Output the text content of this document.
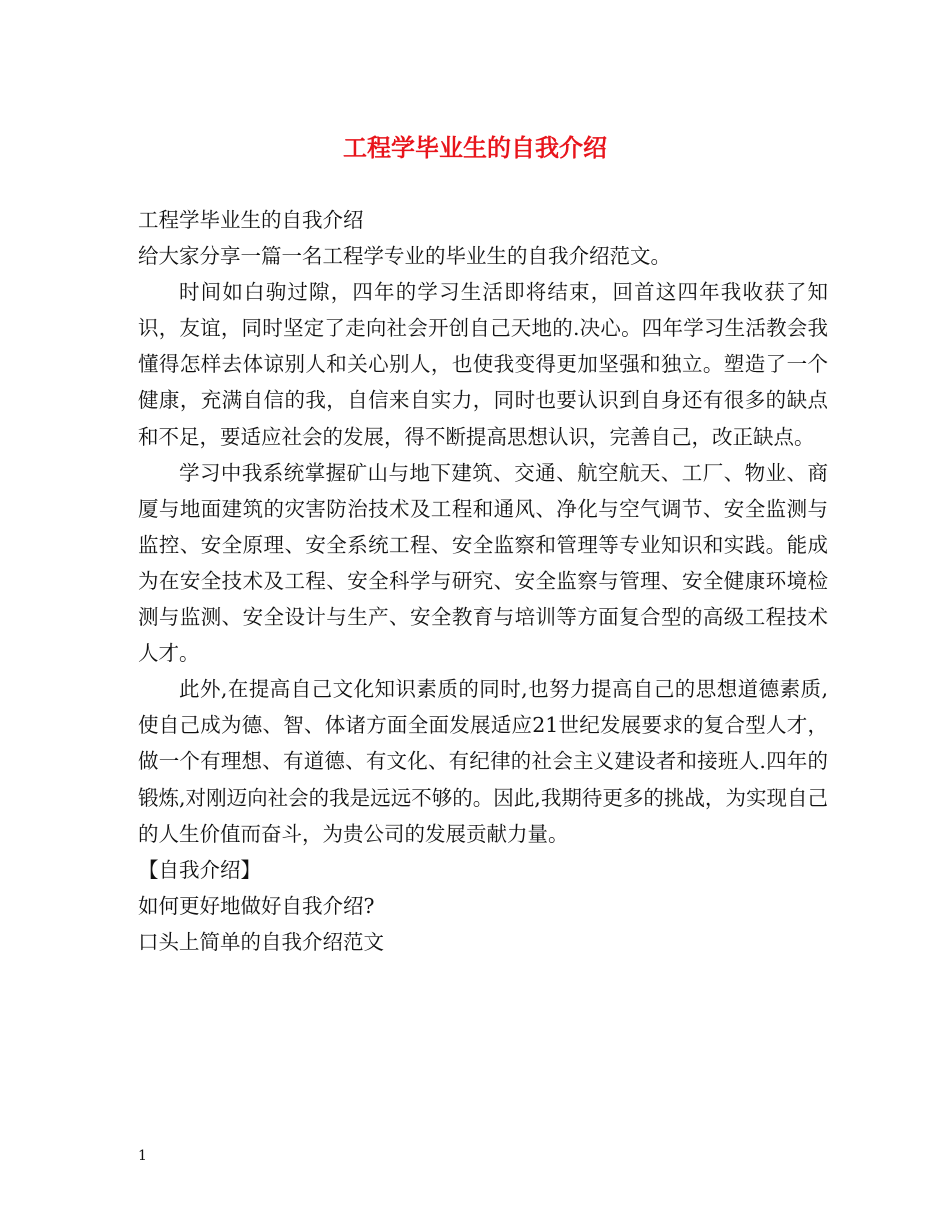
工程学毕业生的自我介绍

工程学毕业生的自我介绍

给大家分享一篇一名工程学专业的毕业生的自我介绍范文。

时间如白驹过隙，四年的学习生活即将结束，回首这四年我收获了知识，友谊，同时坚定了走向社会开创自己天地的.决心。四年学习生活教会我懂得怎样去体谅别人和关心别人，也使我变得更加坚强和独立。塑造了一个健康，充满自信的我，自信来自实力，同时也要认识到自身还有很多的缺点和不足，要适应社会的发展，得不断提高思想认识，完善自己，改正缺点。

学习中我系统掌握矿山与地下建筑、交通、航空航天、工厂、物业、商厦与地面建筑的灾害防治技术及工程和通风、净化与空气调节、安全监测与监控、安全原理、安全系统工程、安全监察和管理等专业知识和实践。能成为在安全技术及工程、安全科学与研究、安全监察与管理、安全健康环境检测与监测、安全设计与生产、安全教育与培训等方面复合型的高级工程技术人才。

此外,在提高自己文化知识素质的同时,也努力提高自己的思想道德素质,使自己成为德、智、体诸方面全面发展适应21世纪发展要求的复合型人才，做一个有理想、有道德、有文化、有纪律的社会主义建设者和接班人.四年的锻炼,对刚迈向社会的我是远远不够的。因此,我期待更多的挑战，为实现自己的人生价值而奋斗，为贵公司的发展贡献力量。

【自我介绍】

如何更好地做好自我介绍?

口头上简单的自我介绍范文

1
